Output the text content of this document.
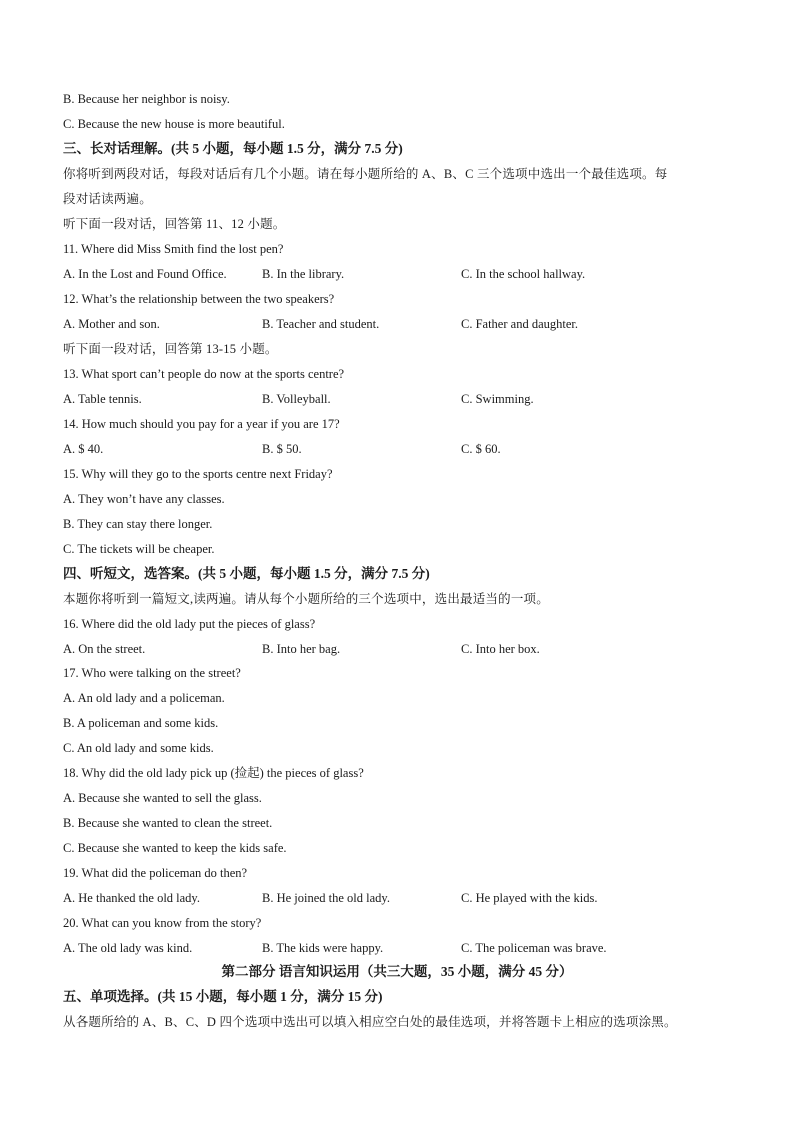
B. Because her neighbor is noisy.
C. Because the new house is more beautiful.
三、长对话理解。(共 5 小题，每小题 1.5 分，满分 7.5 分)
你将听到两段对话，每段对话后有几个小题。请在每小题所给的 A、B、C 三个选项中选出一个最佳选项。每
段对话读两遍。
听下面一段对话，回答第 11、12 小题。
11. Where did Miss Smith find the lost pen?
A. In the Lost and Found Office.	B. In the library.	C. In the school hallway.
12. What’s the relationship between the two speakers?
A. Mother and son.	B. Teacher and student.	C. Father and daughter.
听下面一段对话，回答第 13-15 小题。
13. What sport can’t people do now at the sports centre?
A. Table tennis.	B. Volleyball.	C. Swimming.
14. How much should you pay for a year if you are 17?
A. $ 40.	B. $ 50.	C. $ 60.
15. Why will they go to the sports centre next Friday?
A. They won’t have any classes.
B. They can stay there longer.
C. The tickets will be cheaper.
四、听短文，选答案。(共 5 小题，每小题 1.5 分，满分 7.5 分)
本题你将听到一篇短文,读两遍。请从每个小题所给的三个选项中，选出最适当的一项。
16. Where did the old lady put the pieces of glass?
A. On the street.	B. Into her bag.	C. Into her box.
17. Who were talking on the street?
A. An old lady and a policeman.
B. A policeman and some kids.
C. An old lady and some kids.
18. Why did the old lady pick up (捡起) the pieces of glass?
A. Because she wanted to sell the glass.
B. Because she wanted to clean the street.
C. Because she wanted to keep the kids safe.
19. What did the policeman do then?
A. He thanked the old lady.	B. He joined the old lady.	C. He played with the kids.
20. What can you know from the story?
A. The old lady was kind.	B. The kids were happy.	C. The policeman was brave.
第二部分 语言知识运用（共三大题，35 小题，满分 45 分）
五、单项选择。(共 15 小题，每小题 1 分，满分 15 分)
从各题所给的 A、B、C、D 四个选项中选出可以填入相应空白处的最佳选项，并将答题卡上相应的选项涂黑。
